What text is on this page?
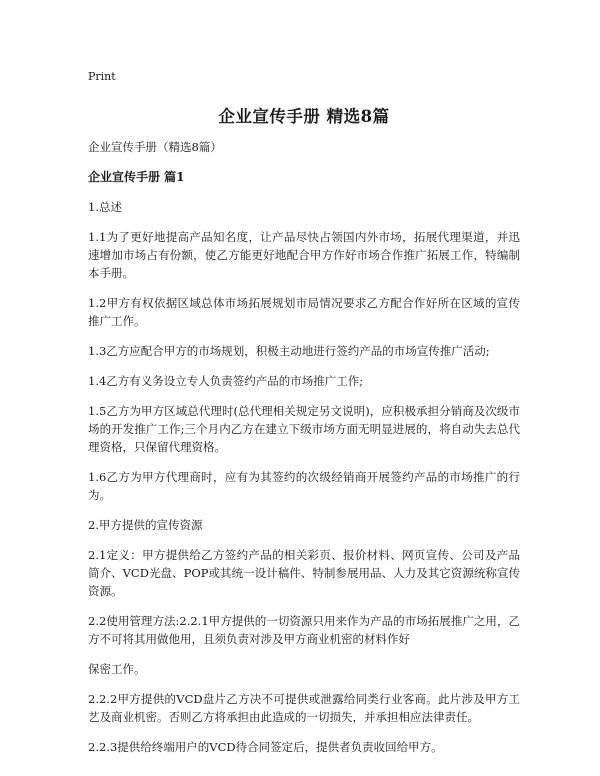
Print
企业宣传手册 精选8篇

企业宣传手册（精选8篇）

企业宣传手册 篇1

1.总述

1.1为了更好地提高产品知名度，让产品尽快占领国内外市场，拓展代理渠道，并迅速增加市场占有份额，使乙方能更好地配合甲方作好市场合作推广拓展工作，特编制本手册。

1.2甲方有权依据区域总体市场拓展规划市局情况要求乙方配合作好所在区域的宣传推广工作。

1.3乙方应配合甲方的市场规划，积极主动地进行签约产品的市场宣传推广活动;

1.4乙方有义务设立专人负责签约产品的市场推广工作;

1.5乙方为甲方区域总代理时(总代理相关规定另文说明)，应积极承担分销商及次级市场的开发推广工作;三个月内乙方在建立下级市场方面无明显进展的，将自动失去总代理资格，只保留代理资格。

1.6乙方为甲方代理商时，应有为其签约的次级经销商开展签约产品的市场推广的行为。

2.甲方提供的宣传资源

2.1定义：甲方提供给乙方签约产品的相关彩页、报价材料、网页宣传、公司及产品简介、VCD光盘、POP或其统一设计稿件、特制参展用品、人力及其它资源统称宣传资源。

2.2使用管理方法:2.2.1甲方提供的一切资源只用来作为产品的市场拓展推广之用，乙方不可将其用做他用，且须负责对涉及甲方商业机密的材料作好

保密工作。

2.2.2甲方提供的VCD盘片乙方决不可提供或泄露给同类行业客商。此片涉及甲方工艺及商业机密。否则乙方将承担由此造成的一切损失，并承担相应法律责任。

2.2.3提供给终端用户的VCD待合同签定后，提供者负责收回给甲方。
